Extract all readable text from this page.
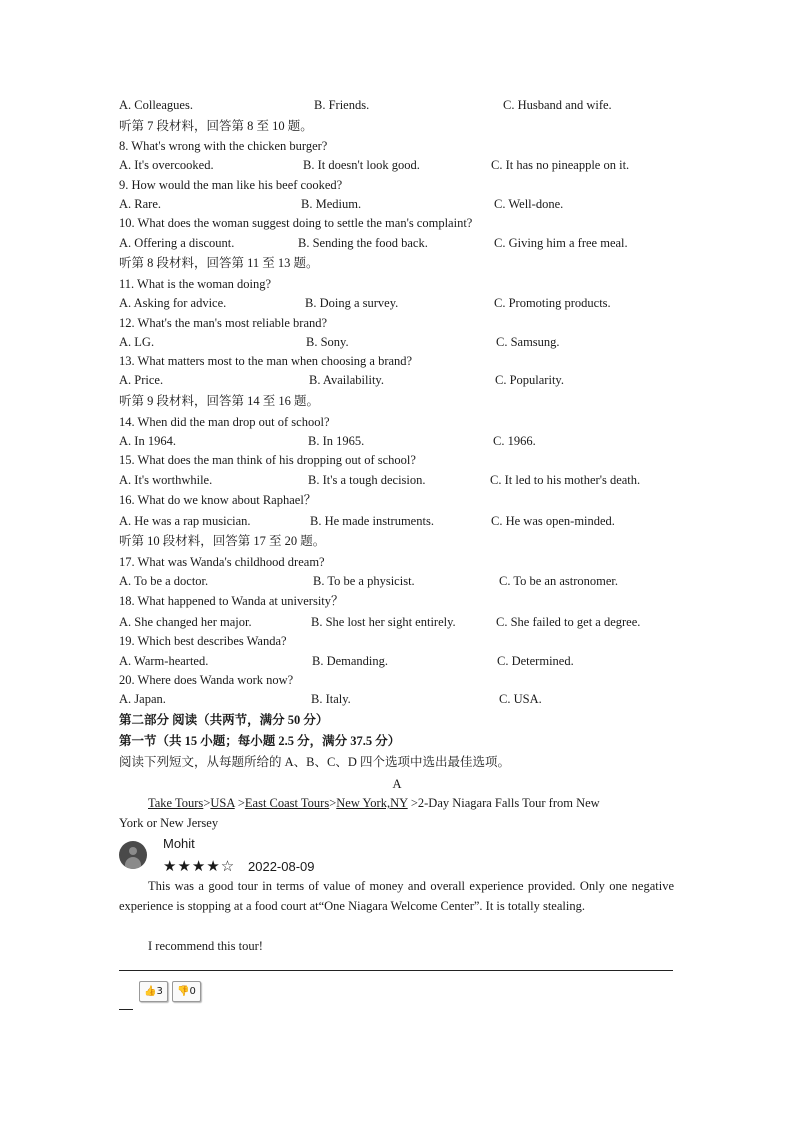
A. Colleagues.	B. Friends.	C. Husband and wife.
听第 7 段材料，回答第 8 至 10 题。
8. What's wrong with the chicken burger?
A. It's overcooked.	B. It doesn't look good.	C. It has no pineapple on it.
9. How would the man like his beef cooked?
A. Rare.	B. Medium.	C. Well-done.
10. What does the woman suggest doing to settle the man's complaint?
A. Offering a discount.	B. Sending the food back.	C. Giving him a free meal.
听第 8 段材料，回答第 11 至 13 题。
11. What is the woman doing?
A. Asking for advice.	B. Doing a survey.	C. Promoting products.
12. What's the man's most reliable brand?
A. LG.	B. Sony.	C. Samsung.
13. What matters most to the man when choosing a brand?
A. Price.	B. Availability.	C. Popularity.
听第 9 段材料，回答第 14 至 16 题。
14. When did the man drop out of school?
A. In 1964.	B. In 1965.	C. 1966.
15. What does the man think of his dropping out of school?
A. It's worthwhile.	B. It's a tough decision.	C. It led to his mother's death.
16. What do we know about Raphael？
A. He was a rap musician.	B. He made instruments.	C. He was open-minded.
听第 10 段材料，回答第 17 至 20 题。
17. What was Wanda's childhood dream?
A. To be a doctor.	B. To be a physicist.	C. To be an astronomer.
18. What happened to Wanda at university？
A. She changed her major.	B. She lost her sight entirely.	C. She failed to get a degree.
19. Which best describes Wanda?
A. Warm-hearted.	B. Demanding.	C. Determined.
20. Where does Wanda work now?
A. Japan.	B. Italy.	C. USA.
第二部分 阅读（共两节，满分 50 分）
第一节（共 15 小题；每小题 2.5 分，满分 37.5 分）
阅读下列短文，从每题所给的 A、B、C、D 四个选项中选出最佳选项。
A
Take Tours>USA >East Coast Tours>New York,NY >2-Day Niagara Falls Tour from New
York or New Jersey
Mohit
★★★★☆ 2022-08-09
This was a good tour in terms of value of money and overall experience provided. Only one negative experience is stopping at a food court at“One Niagara Welcome Center”. It is totally stealing.
I recommend this tour!
👍3	👎0
